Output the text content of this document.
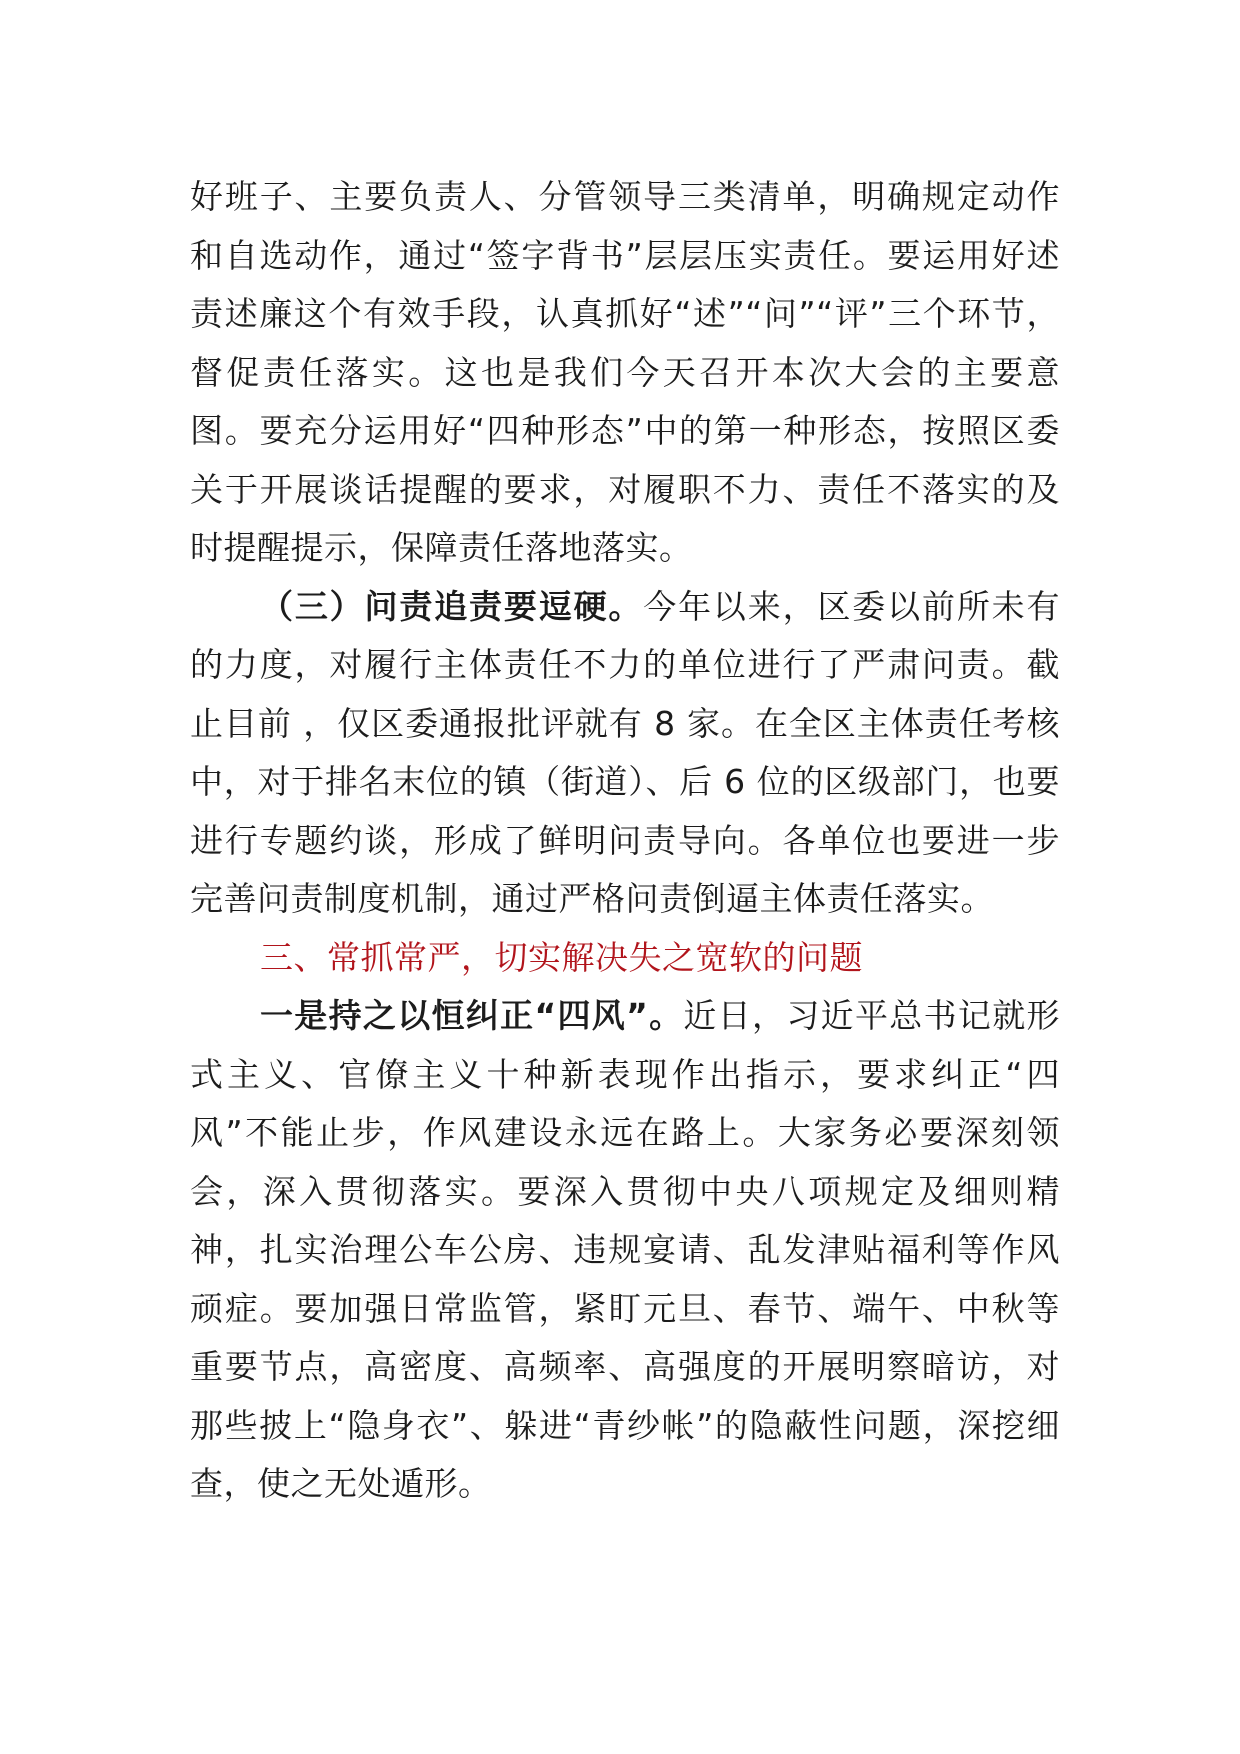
好班子、主要负责人、分管领导三类清单，明确规定动作和自选动作，通过“签字背书”层层压实责任。要运用好述责述廉这个有效手段，认真抓好“述”“问”“评”三个环节，督促责任落实。这也是我们今天召开本次大会的主要意图。要充分运用好“四种形态”中的第一种形态，按照区委关于开展谈话提醒的要求，对履职不力、责任不落实的及时提醒提示，保障责任落地落实。

（三）问责追责要逗硬。今年以来，区委以前所未有的力度，对履行主体责任不力的单位进行了严肃问责。截止目前 ，仅区委通报批评就有 8 家。在全区主体责任考核中，对于排名末位的镇（街道）、后 6 位的区级部门，也要进行专题约谈，形成了鲜明问责导向。各单位也要进一步完善问责制度机制，通过严格问责倒逼主体责任落实。

三、常抓常严，切实解决失之宽软的问题

一是持之以恒纠正“四风”。近日，习近平总书记就形式主义、官僚主义十种新表现作出指示，要求纠正“四风”不能止步，作风建设永远在路上。大家务必要深刻领会，深入贯彻落实。要深入贯彻中央八项规定及细则精神，扎实治理公车公房、违规宴请、乱发津贴福利等作风顽症。要加强日常监管，紧盯元旦、春节、端午、中秋等重要节点，高密度、高频率、高强度的开展明察暗访，对那些披上“隐身衣”、躲进“青纱帐”的隐蔽性问题，深挖细查，使之无处遁形。
